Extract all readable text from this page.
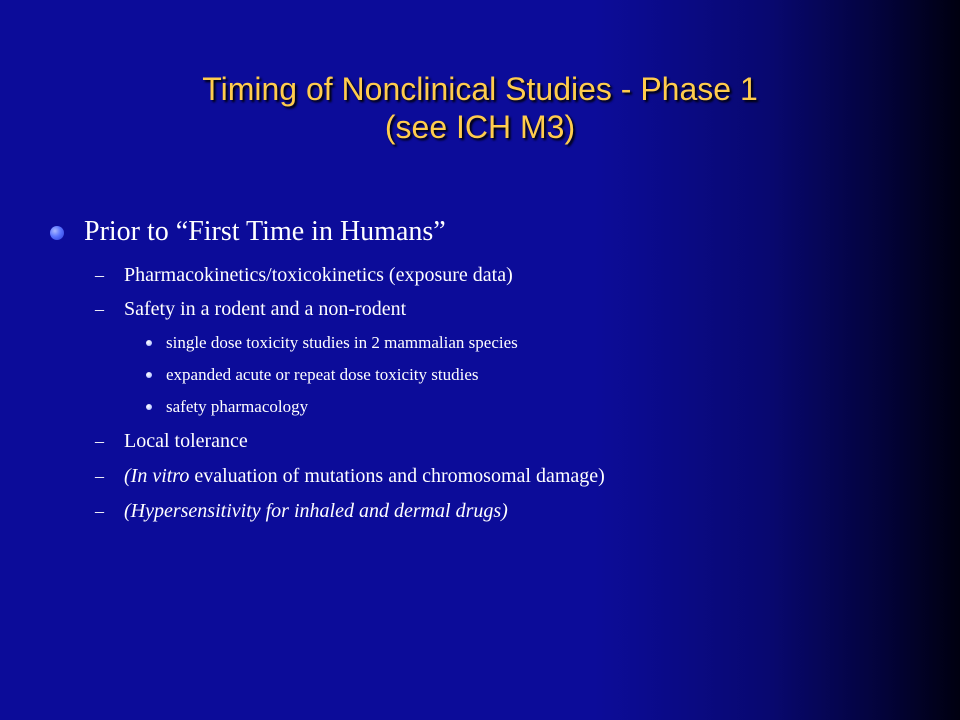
Timing of Nonclinical Studies - Phase 1
(see ICH M3)
Prior to “First Time in Humans”
– Pharmacokinetics/toxicokinetics (exposure data)
– Safety in a rodent and a non-rodent
single dose toxicity studies in 2 mammalian species
expanded acute or repeat dose toxicity studies
safety pharmacology
– Local tolerance
– (In vitro evaluation of mutations and chromosomal damage)
– (Hypersensitivity for inhaled and dermal drugs)
